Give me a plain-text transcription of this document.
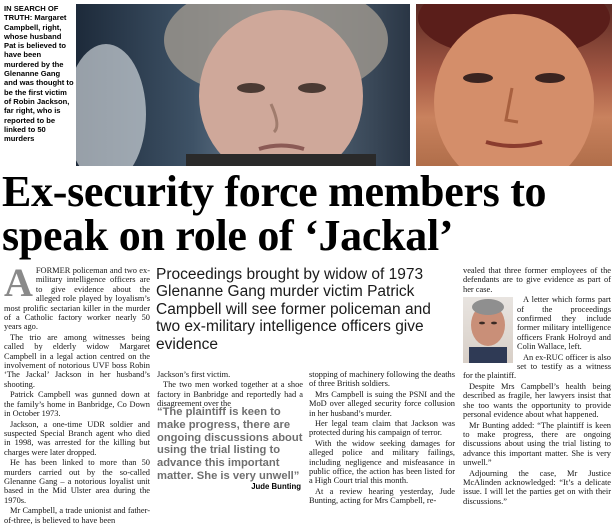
IN SEARCH OF TRUTH: Margaret Campbell, right, whose husband Pat is believed to have been murdered by the Glenanne Gang and was thought to be the first victim of Robin Jackson, far right, who is reported to be linked to 50 murders
Ex-security force members to speak on role of ‘Jackal’
A FORMER policeman and two ex-military intelligence officers are to give evidence about the alleged role played by loyalism’s most prolific sectarian killer in the murder of a Catholic factory worker nearly 50 years ago.

The trio are among witnesses being called by elderly widow Margaret Campbell in a legal action centred on the involvement of notorious UVF boss Robin ‘The Jackal’ Jackson in her husband’s shooting.

Patrick Campbell was gunned down at the family’s home in Banbridge, Co Down in October 1973.

Jackson, a one-time UDR soldier and suspected Special Branch agent who died in 1998, was arrested for the killing but charges were later dropped.

He has been linked to more than 50 murders carried out by the so-called Glenanne Gang – a notorious loyalist unit based in the Mid Ulster area during the 1970s.

Mr Campbell, a trade unionist and father-of-three, is believed to have been

Proceedings brought by widow of 1973 Glenanne Gang murder victim Patrick Campbell will see former policeman and two ex-military intelligence officers give evidence

Jackson’s first victim.

The two men worked together at a shoe factory in Banbridge and reportedly had a disagreement over the

“The plaintiff is keen to make progress, there are ongoing discussions about using the trial listing to advance this important matter. She is very unwell”
Jude Bunting

stopping of machinery following the deaths of three British soldiers.

Mrs Campbell is suing the PSNI and the MoD over alleged security force collusion in her husband’s murder.

Her legal team claim that Jackson was protected during his campaign of terror.

With the widow seeking damages for alleged police and military failings, including negligence and misfeasance in public office, the action has been listed for a High Court trial this month.

At a review hearing yesterday, Jude Bunting, acting for Mrs Campbell, re-

vealed that three former employees of the defendants are to give evidence as part of her case.

A letter which forms part of the proceedings confirmed they include former military intelligence officers Frank Holroyd and Colin Wallace, left.

An ex-RUC officer is also set to testify as a witness for the plaintiff.

Despite Mrs Campbell’s health being described as fragile, her lawyers insist that she too wants the opportunity to provide personal evidence about what happened.

Mr Bunting added: “The plaintiff is keen to make progress, there are ongoing discussions about using the trial listing to advance this important matter. She is very unwell.”

Adjourning the case, Mr Justice McAlinden acknowledged: “It’s a delicate issue. I will let the parties get on with their discussions.”
